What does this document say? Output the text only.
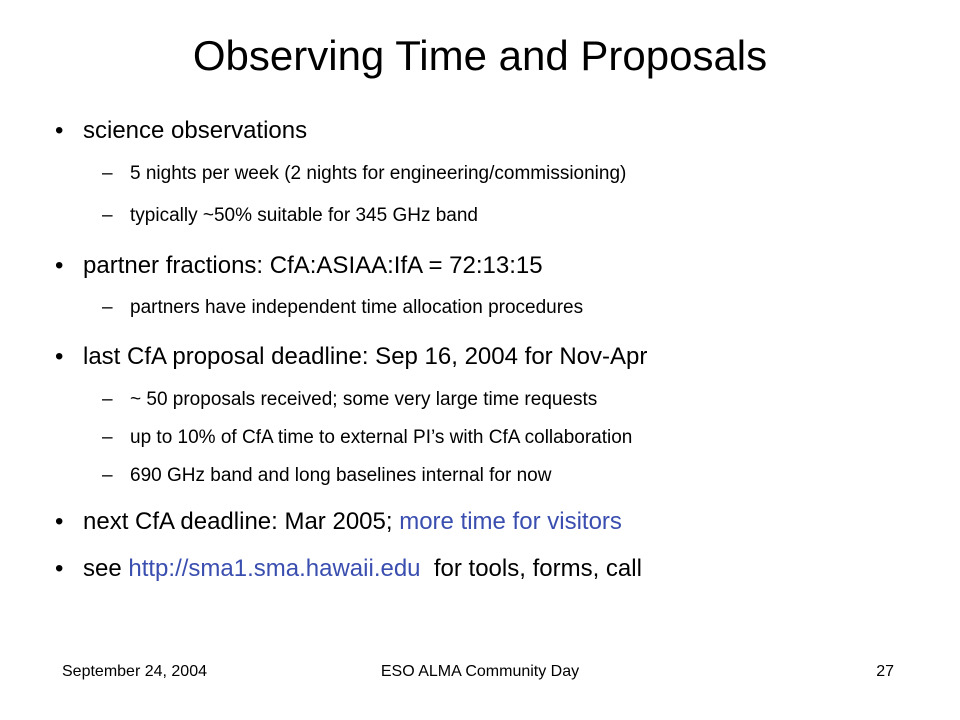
Observing Time and Proposals
• science observations
– 5 nights per week (2 nights for engineering/commissioning)
– typically ~50% suitable for 345 GHz band
• partner fractions: CfA:ASIAA:IfA = 72:13:15
– partners have independent time allocation procedures
• last CfA proposal deadline: Sep 16, 2004 for Nov-Apr
– ~ 50 proposals received; some very large time requests
– up to 10% of CfA time to external PI’s with CfA collaboration
– 690 GHz band and long baselines internal for now
• next CfA deadline: Mar 2005; more time for visitors
• see http://sma1.sma.hawaii.edu  for tools, forms, call
September 24, 2004	ESO ALMA Community Day	27
